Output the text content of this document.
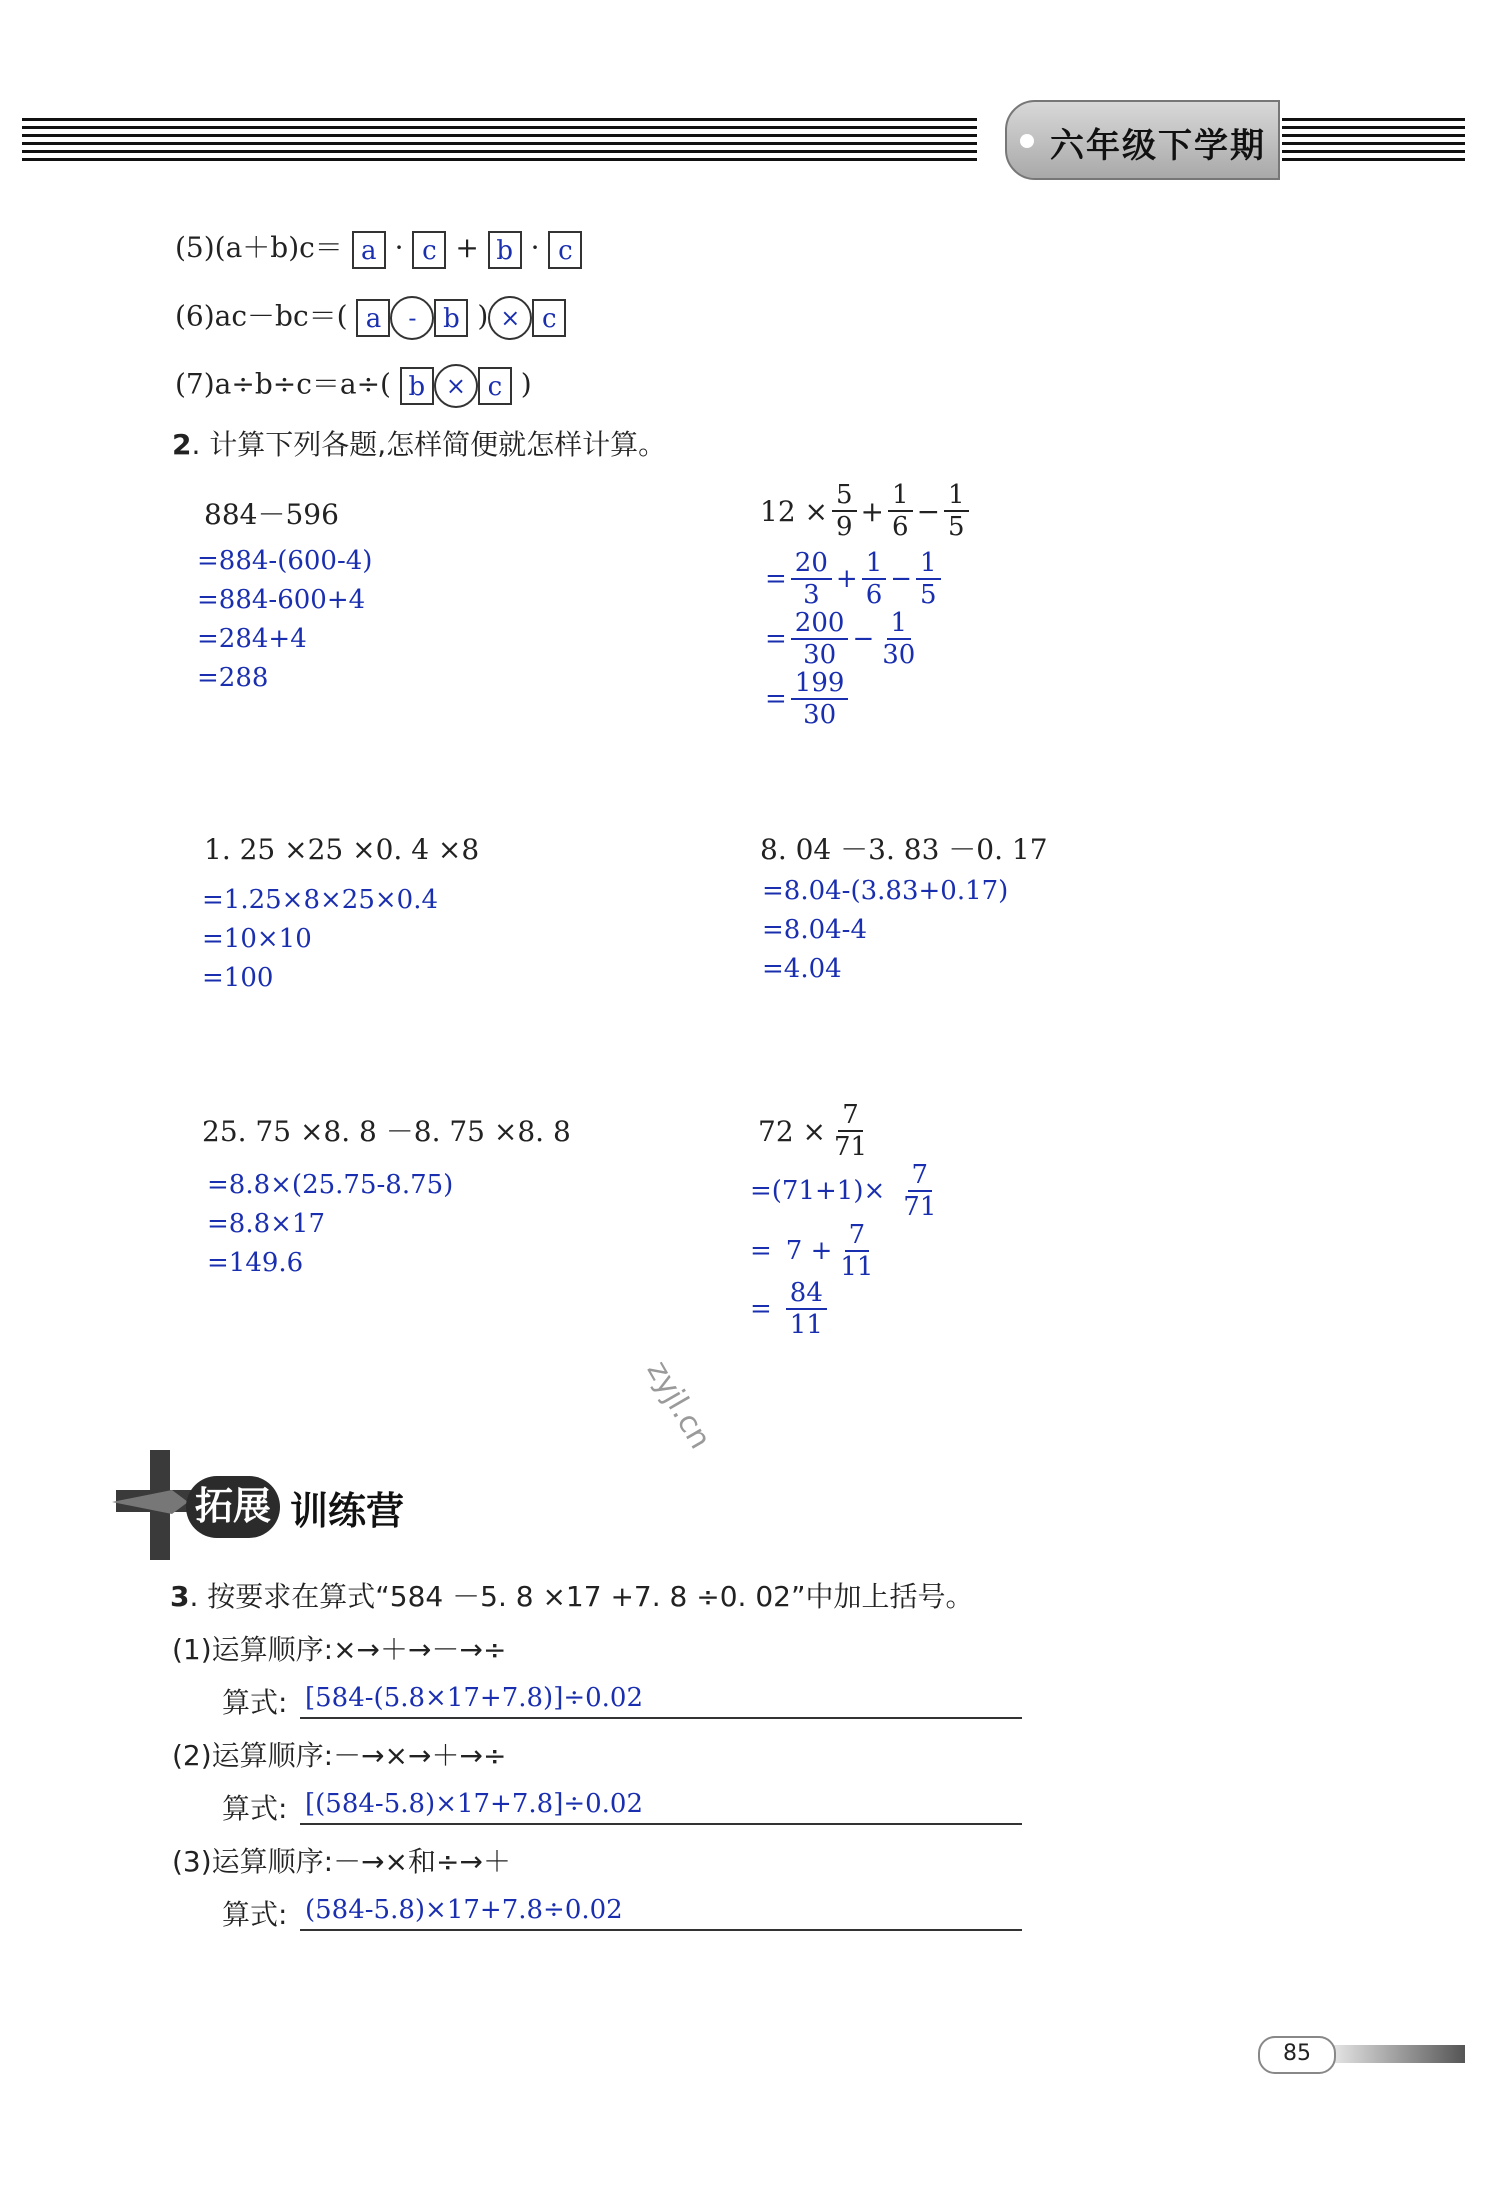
六年级下学期
(5)(a＋b)c＝ a · c + b · c
(6)ac－bc＝( a - b ) × c
(7)a÷b÷c＝a÷( b × c )
2. 计算下列各题,怎样简便就怎样计算。
884－596
=884-(600-4)
=884-600+4
=284+4
=288
$12 \times \frac{5}{9} + \frac{1}{6} - \frac{1}{5}$
= $\frac{20}{3} + \frac{1}{6} - \frac{1}{5}$
= $\frac{200}{30} - \frac{1}{30}$
= $\frac{199}{30}$
1. 25 ×25 ×0. 4 ×8
=1.25×8×25×0.4
=10×10
=100
8. 04 －3. 83 －0. 17
=8.04-(3.83+0.17)
=8.04-4
=4.04
25. 75 ×8. 8 －8. 75 ×8. 8
=8.8×(25.75-8.75)
=8.8×17
=149.6
$72 \times \frac{7}{71}$
$=(71+1)\times \frac{7}{71}$
= $7 + \frac{7}{11}$
= $\frac{84}{11}$
zyjl.cn
拓展 训练营
3. 按要求在算式“584 －5. 8 ×17 +7. 8 ÷0. 02”中加上括号。
(1)运算顺序:×→＋→－→÷
算式: [584-(5.8×17+7.8)]÷0.02
(2)运算顺序:－→×→＋→÷
算式: [(584-5.8)×17+7.8]÷0.02
(3)运算顺序:－→×和÷→＋
算式: (584-5.8)×17+7.8÷0.02
85
